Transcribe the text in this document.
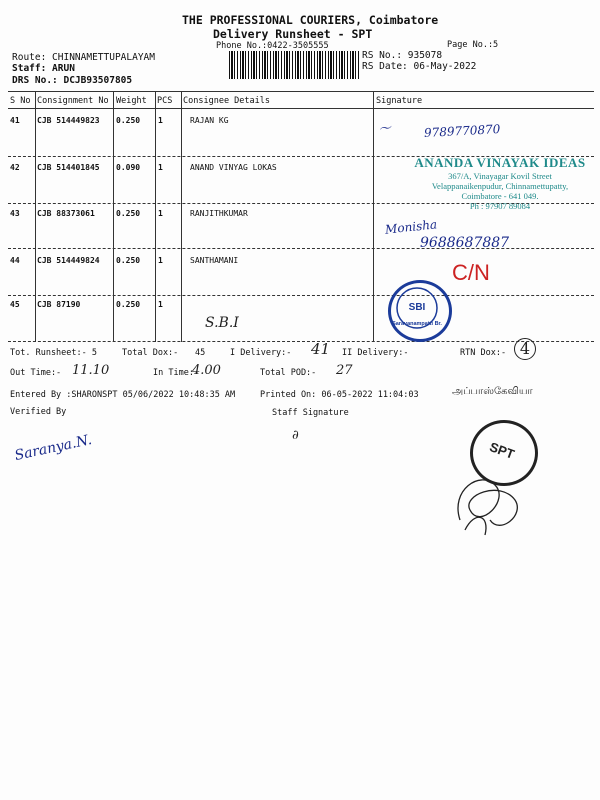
THE PROFESSIONAL COURIERS, Coimbatore
Delivery Runsheet - SPT
Phone No.:0422-3505555	Page No.:5
Route: CHINNAMETTUPALAYAM
Staff: ARUN
DRS No.: DCJB93507805
RS No.: 935078
RS Date: 06-May-2022
S No Consignment No Weight PCS Consignee Details	Signature
41 CJB 514449823 0.250 1	RAJAN KG
42 CJB 514401845 0.090 1	ANAND VINYAG LOKAS
43 CJB 88373061	0.250 1	RANJITHKUMAR
44 CJB 514449824 0.250 1	SANTHAMANI
45 CJB 87190	0.250 1
ANANDA VINAYAK IDEAS
367/A, Vinayagar Kovil Street
Velappanaikenpudur, Chinnamettupatty,
Coimbatore - 641 049.
Ph : 97907 89084
SBI
Saravanampatti Br.
SPT
〜	9789770870
Monisha
9688687887
C/N
S.B.I
Tot. Runsheet:- 5	Total Dox:- 45	I Delivery:- 41 II Delivery:-	RTN Dox:- 4
Out Time:- 11.10	In Time:-
4.00	Total POD:- 27
Entered By :SHARONSPT 05/06/2022 10:48:35 AM	Printed On: 06-05-2022 11:04:03	அப்பாஸ்கேவியா
Verified By	Staff Signature
Saranya.N.	∂
